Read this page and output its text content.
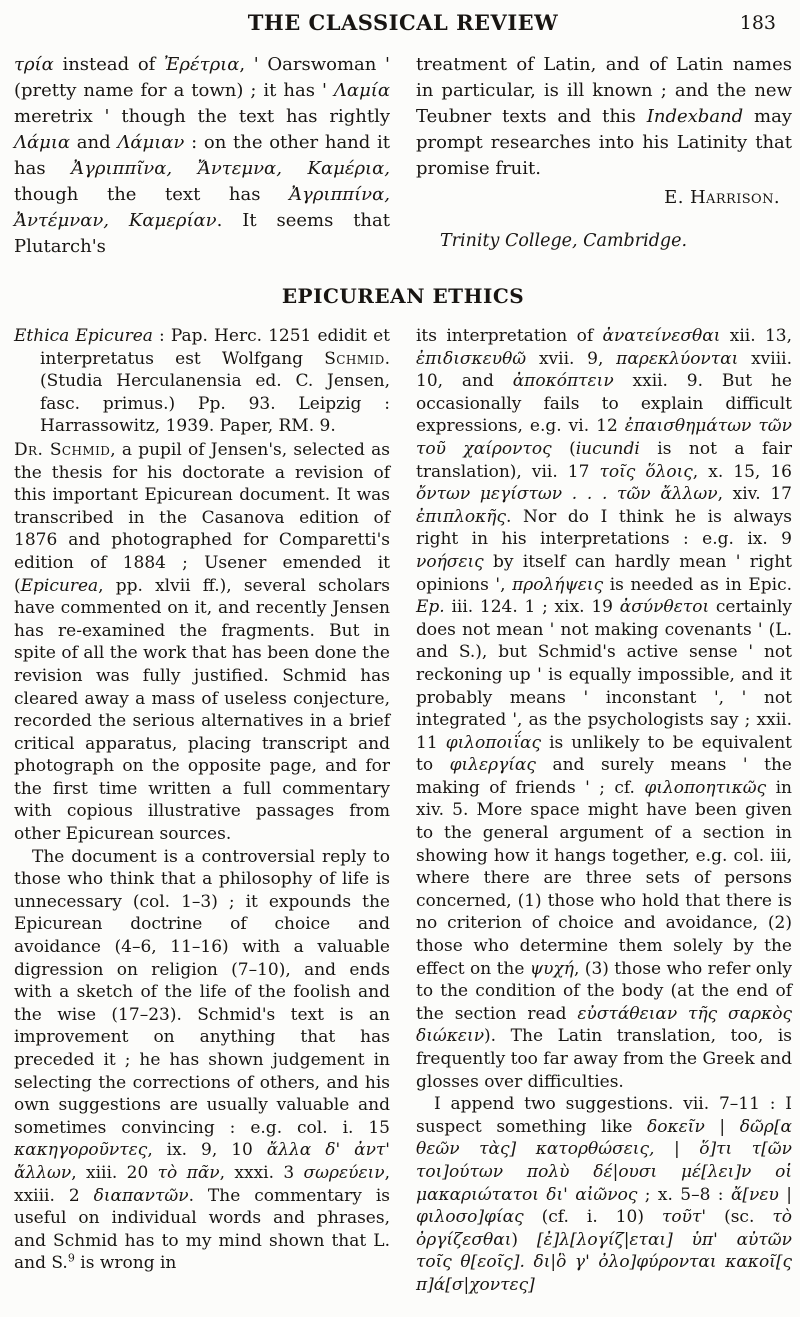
THE CLASSICAL REVIEW	183

τρία instead of Ἐρέτρια, ' Oarswoman ' (pretty name for a town) ; it has ' Λαμία meretrix ' though the text has rightly Λάμια and Λάμιαν : on the other hand it has Ἀγριππῖνα, Ἄντεμνα, Καμέρια, though the text has Ἀγριππίνα, Ἀντέμναν, Καμερίαν. It seems that Plutarch's

treatment of Latin, and of Latin names in particular, is ill known ; and the new Teubner texts and this Indexband may prompt researches into his Latinity that promise fruit.

E. Harrison.

Trinity College, Cambridge.

EPICUREAN ETHICS

Ethica Epicurea : Pap. Herc. 1251 edidit et interpretatus est Wolfgang Schmid. (Studia Herculanensia ed. C. Jensen, fasc. primus.) Pp. 93. Leipzig : Harrassowitz, 1939. Paper, RM. 9.

Dr. Schmid, a pupil of Jensen's, selected as the thesis for his doctorate a revision of this important Epicurean document. It was transcribed in the Casanova edition of 1876 and photographed for Comparetti's edition of 1884 ; Usener emended it (Epicurea, pp. xlvii ff.), several scholars have commented on it, and recently Jensen has re-examined the fragments. But in spite of all the work that has been done the revision was fully justified. Schmid has cleared away a mass of useless conjecture, recorded the serious alternatives in a brief critical apparatus, placing transcript and photograph on the opposite page, and for the first time written a full commentary with copious illustrative passages from other Epicurean sources.

The document is a controversial reply to those who think that a philosophy of life is unnecessary (col. 1–3) ; it expounds the Epicurean doctrine of choice and avoidance (4–6, 11–16) with a valuable digression on religion (7–10), and ends with a sketch of the life of the foolish and the wise (17–23). Schmid's text is an improvement on anything that has preceded it ; he has shown judgement in selecting the corrections of others, and his own suggestions are usually valuable and sometimes convincing : e.g. col. i. 15 κακηγοροῦντες, ix. 9, 10 ἄλλα δ' ἀντ' ἄλλων, xiii. 20 τὸ πᾶν, xxxi. 3 σωρεύειν, xxiii. 2 διαπαντῶν. The commentary is useful on individual words and phrases, and Schmid has to my mind shown that L. and S.$^9$ is wrong in

its interpretation of ἀνατείνεσθαι xii. 13, ἐπιδισκευθῶ xvii. 9, παρεκλύονται xviii. 10, and ἀποκόπτειν xxii. 9. But he occasionally fails to explain difficult expressions, e.g. vi. 12 ἐπαισθημάτων τῶν τοῦ χαίροντος (iucundi is not a fair translation), vii. 17 τοῖς ὅλοις, x. 15, 16 ὄντων μεγίστων . . . τῶν ἄλλων, xiv. 17 ἐπιπλοκῆς. Nor do I think he is always right in his interpretations : e.g. ix. 9 νοήσεις by itself can hardly mean ' right opinions ', προλήψεις is needed as in Epic. Ep. iii. 124. 1 ; xix. 19 ἀσύνθετοι certainly does not mean ' not making covenants ' (L. and S.), but Schmid's active sense ' not reckoning up ' is equally impossible, and it probably means ' inconstant ', ' not integrated ', as the psychologists say ; xxii. 11 φιλοποιΐας is unlikely to be equivalent to φιλεργίας and surely means ' the making of friends ' ; cf. φιλοποητικῶς in xiv. 5. More space might have been given to the general argument of a section in showing how it hangs together, e.g. col. iii, where there are three sets of persons concerned, (1) those who hold that there is no criterion of choice and avoidance, (2) those who determine them solely by the effect on the ψυχή, (3) those who refer only to the condition of the body (at the end of the section read εὐστάθειαν τῆς σαρκὸς διώκειν). The Latin translation, too, is frequently too far away from the Greek and glosses over difficulties.

I append two suggestions. vii. 7–11 : I suspect something like δοκεῖν | δῶρ[α θεῶν τὰς] κατορθώσεις, | ὅ]τι τ[ῶν τοι]ούτων πολὺ δέ|ουσι μέ[λει]ν οἱ μακαριώτατοι δι' αἰῶνος ; x. 5–8 : ἄ[νευ | φιλοσο]φίας (cf. i. 10) τοῦτ' (sc. τὸ ὀργίζεσθαι) [ἐ]λ[λογίζ|εται] ὑπ' αὐτῶν τοῖς θ[εοῖς]. δι|ὃ γ' ὀλο]φύρονται κακοῖ[ς π]ά[σ|χοντες]
